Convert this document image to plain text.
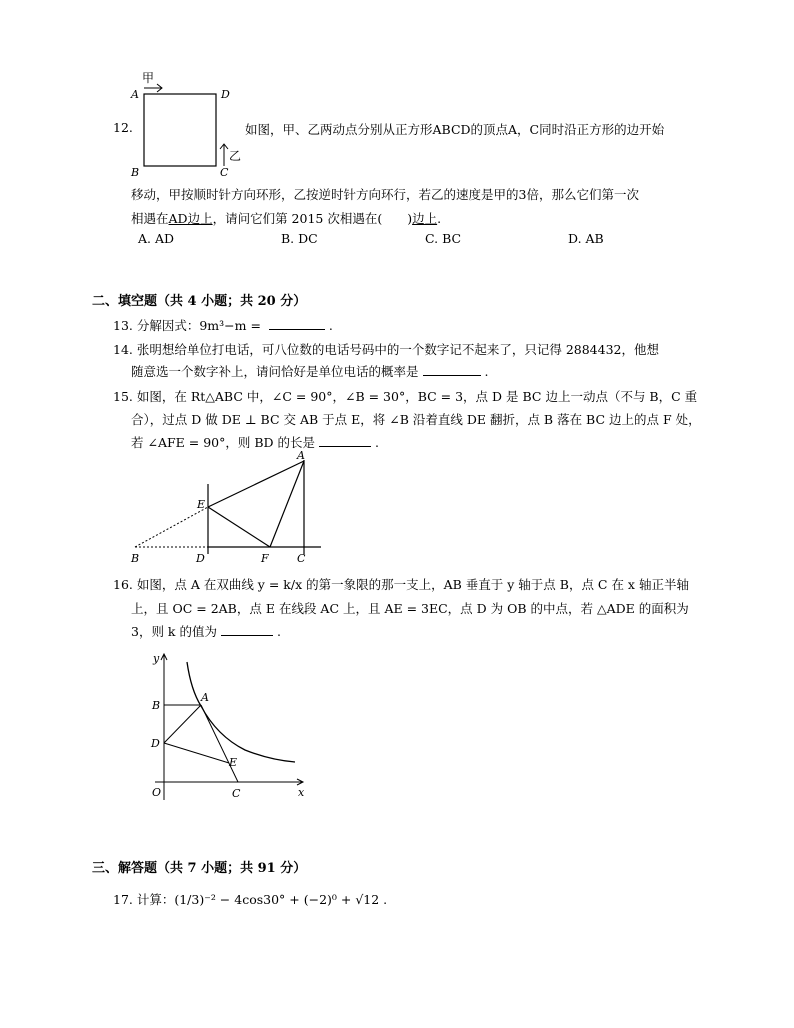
甲
A	D
B	C
乙
12.	如图，甲、乙两动点分别从正方形ABCD的顶点A，C同时沿正方形的边开始
移动，甲按顺时针方向环形，乙按逆时针方向环行，若乙的速度是甲的3倍，那么它们第一次
相遇在AD边上，请问它们第 2015 次相遇在(　　)边上.
A. AD	B. DC	C. BC	D. AB
二、填空题（共 4 小题；共 20 分）
13. 分解因式：9m³−m =	.
14. 张明想给单位打电话，可八位数的电话号码中的一个数字记不起来了，只记得 2884432，他想
随意选一个数字补上，请问恰好是单位电话的概率是	.
15. 如图，在 Rt△ABC 中，∠C = 90°，∠B = 30°，BC = 3，点 D 是 BC 边上一动点（不与 B，C 重
合），过点 D 做 DE ⊥ BC 交 AB 于点 E，将 ∠B 沿着直线 DE 翻折，点 B 落在 BC 边上的点 F 处，
若 ∠AFE = 90°，则 BD 的长是	.
A
E
B	D	F	C
16. 如图，点 A 在双曲线 y = k/x 的第一象限的那一支上，AB 垂直于 y 轴于点 B，点 C 在 x 轴正半轴
上，且 OC = 2AB，点 E 在线段 AC 上，且 AE = 3EC，点 D 为 OB 的中点，若 △ADE 的面积为
3，则 k 的值为	.
y
x
O
B
A
D
E
C
三、解答题（共 7 小题；共 91 分）
17. 计算：(1/3)⁻² − 4cos30° + (−2)⁰ + √12 .
